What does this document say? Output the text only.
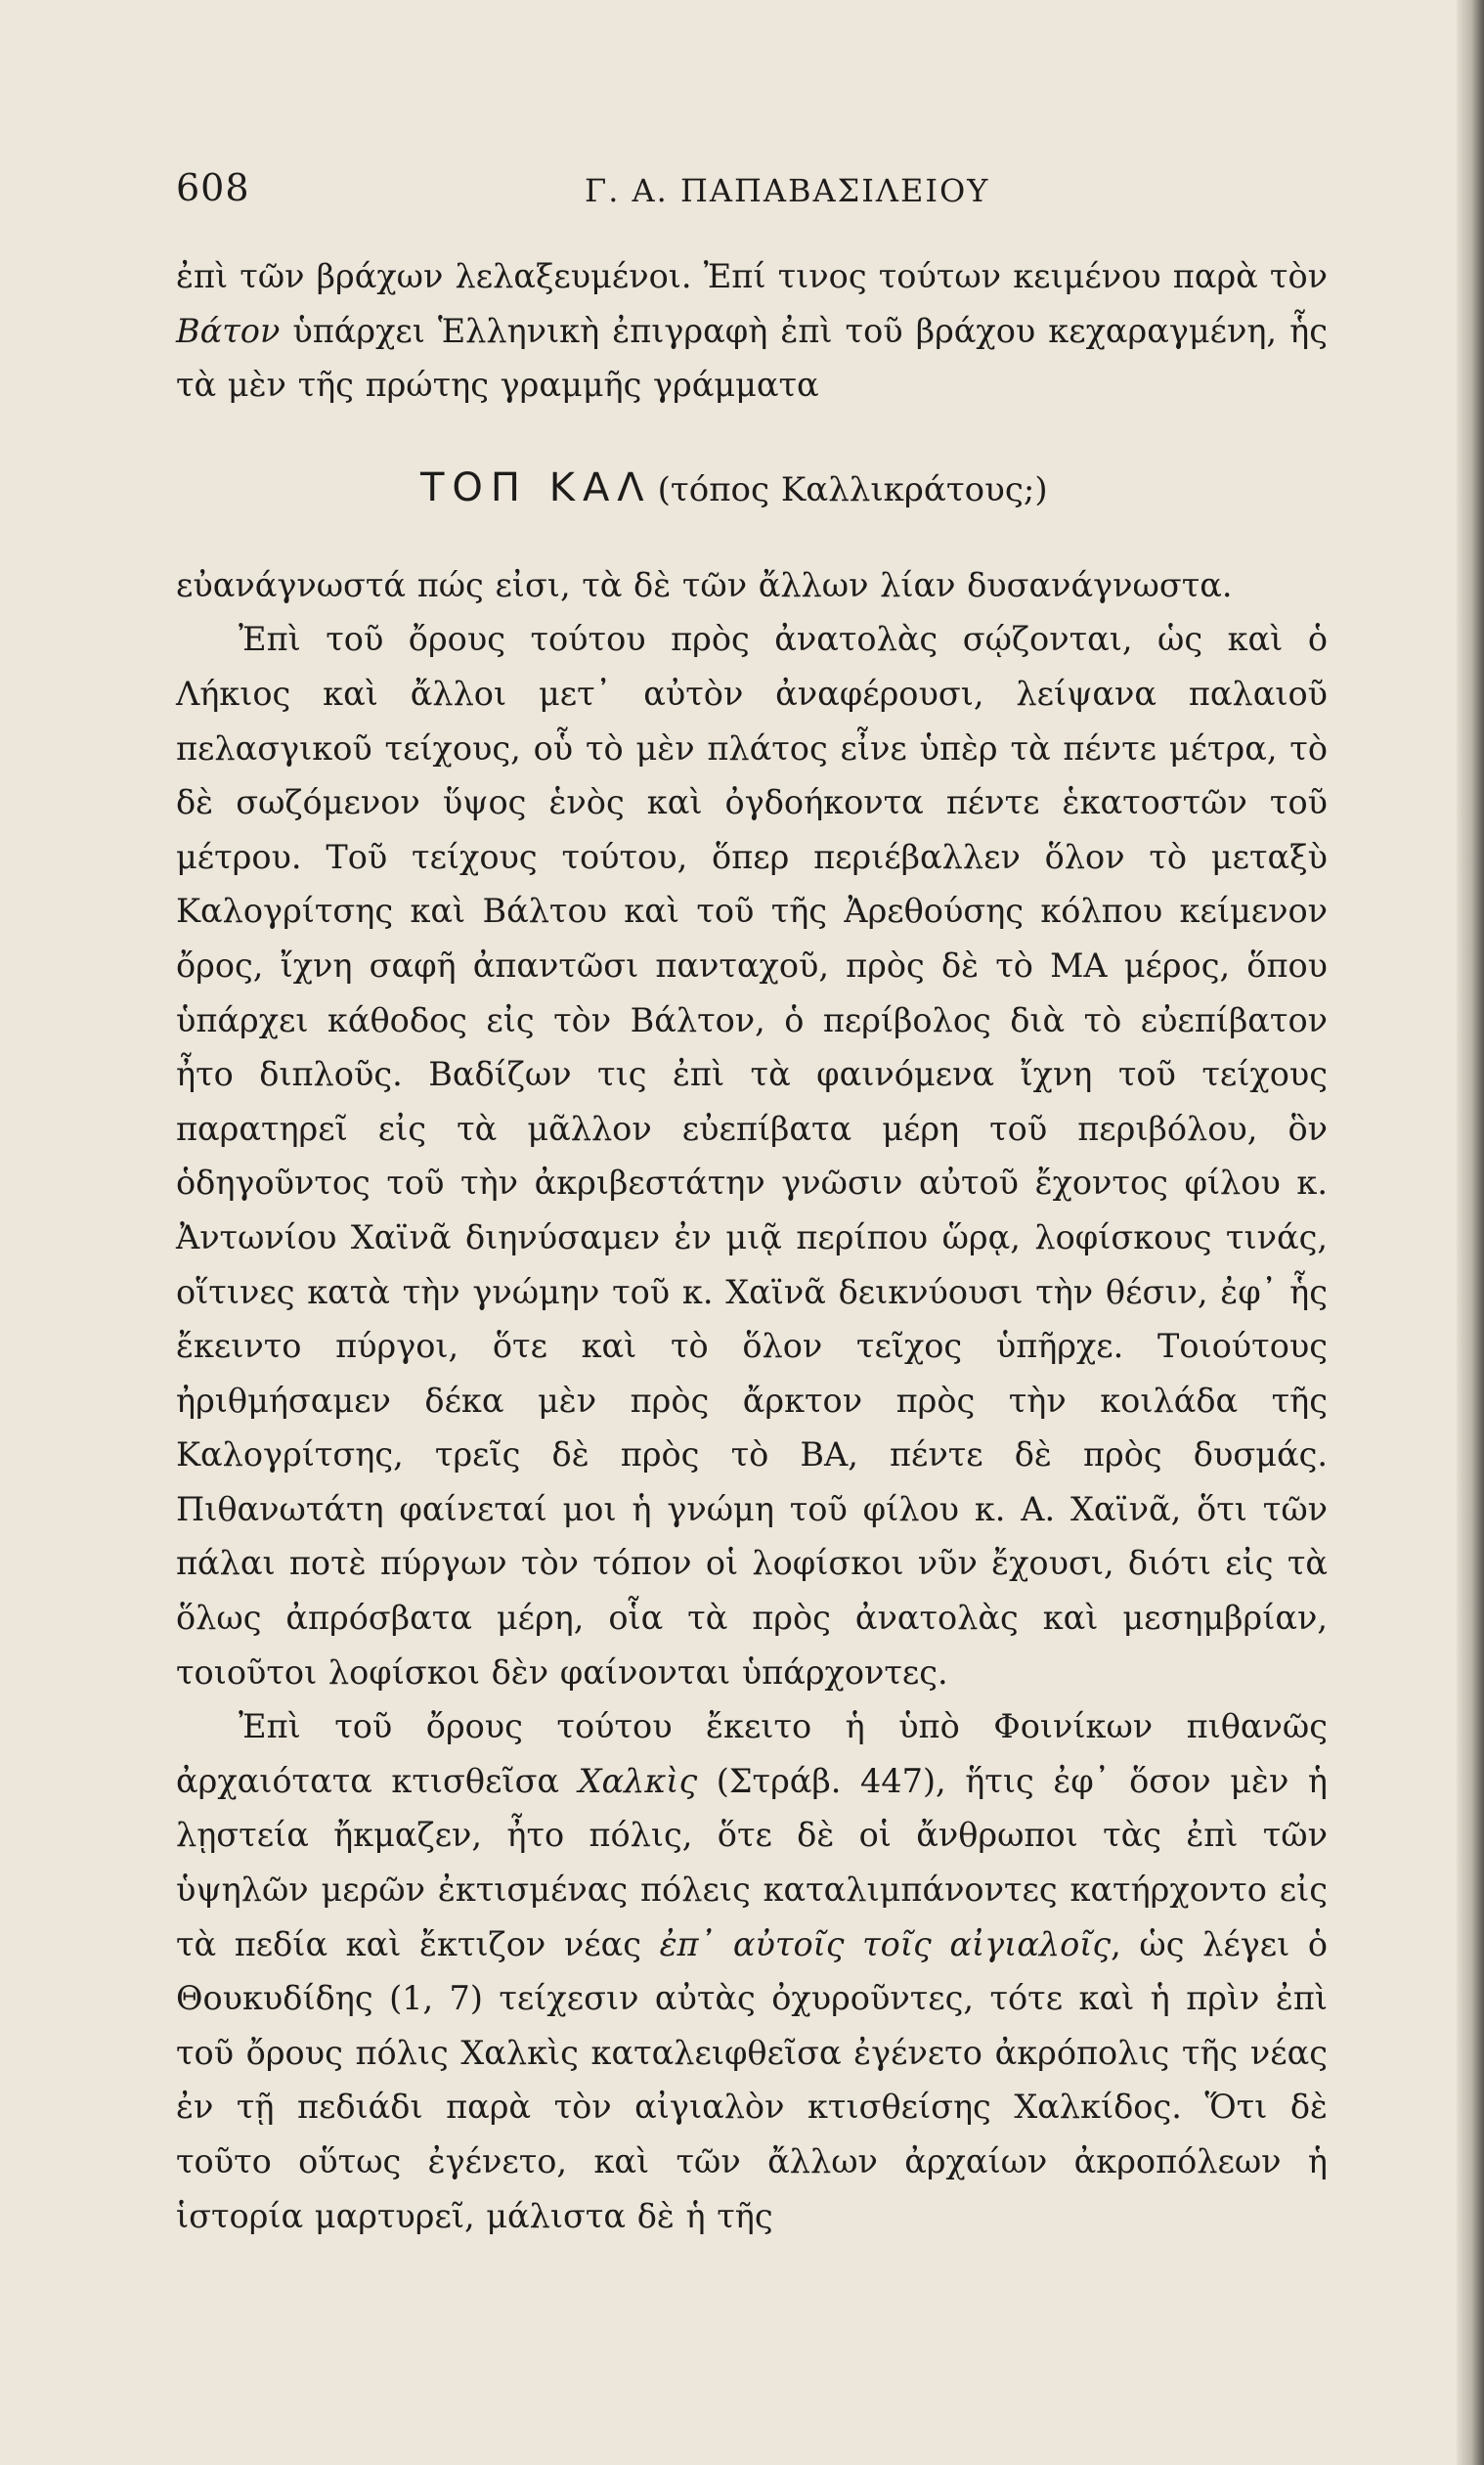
608	Γ. Α. ΠΑΠΑΒΑΣΙΛΕΙΟΥ

ἐπὶ τῶν βράχων λελαξευμένοι. Ἐπί τινος τούτων κειμένου παρὰ τὸν Βάτον ὑπάρχει Ἑλληνικὴ ἐπιγραφὴ ἐπὶ τοῦ βράχου κεχαραγμένη, ἧς τὰ μὲν τῆς πρώτης γραμμῆς γράμματα

ΤΟΠ ΚΑΛ (τόπος Καλλικράτους;)

εὐανάγνωστά πώς εἰσι, τὰ δὲ τῶν ἄλλων λίαν δυσανάγνωστα.

Ἐπὶ τοῦ ὄρους τούτου πρὸς ἀνατολὰς σῴζονται, ὡς καὶ ὁ Λήκιος καὶ ἄλλοι μετ᾽ αὐτὸν ἀναφέρουσι, λείψανα παλαιοῦ πελασγικοῦ τείχους, οὗ τὸ μὲν πλάτος εἶνε ὑπὲρ τὰ πέντε μέτρα, τὸ δὲ σωζόμενον ὕψος ἑνὸς καὶ ὀγδοήκοντα πέντε ἑκατοστῶν τοῦ μέτρου. Τοῦ τείχους τούτου, ὅπερ περιέβαλλεν ὅλον τὸ μεταξὺ Καλογρίτσης καὶ Βάλτου καὶ τοῦ τῆς Ἀρεθούσης κόλπου κείμενον ὄρος, ἴχνη σαφῆ ἀπαντῶσι πανταχοῦ, πρὸς δὲ τὸ ΜΑ μέρος, ὅπου ὑπάρχει κάθοδος εἰς τὸν Βάλτον, ὁ περίβολος διὰ τὸ εὐεπίβατον ἦτο διπλοῦς. Βαδίζων τις ἐπὶ τὰ φαινόμενα ἴχνη τοῦ τείχους παρατηρεῖ εἰς τὰ μᾶλλον εὐεπίβατα μέρη τοῦ περιβόλου, ὃν ὁδηγοῦντος τοῦ τὴν ἀκριβεστάτην γνῶσιν αὐτοῦ ἔχοντος φίλου κ. Ἀντωνίου Χαϊνᾶ διηνύσαμεν ἐν μιᾷ περίπου ὥρᾳ, λοφίσκους τινάς, οἵτινες κατὰ τὴν γνώμην τοῦ κ. Χαϊνᾶ δεικνύουσι τὴν θέσιν, ἐφ᾽ ἧς ἔκειντο πύργοι, ὅτε καὶ τὸ ὅλον τεῖχος ὑπῆρχε. Τοιούτους ἠριθμήσαμεν δέκα μὲν πρὸς ἄρκτον πρὸς τὴν κοιλάδα τῆς Καλογρίτσης, τρεῖς δὲ πρὸς τὸ ΒΑ, πέντε δὲ πρὸς δυσμάς. Πιθανωτάτη φαίνεταί μοι ἡ γνώμη τοῦ φίλου κ. Α. Χαϊνᾶ, ὅτι τῶν πάλαι ποτὲ πύργων τὸν τόπον οἱ λοφίσκοι νῦν ἔχουσι, διότι εἰς τὰ ὅλως ἀπρόσβατα μέρη, οἷα τὰ πρὸς ἀνατολὰς καὶ μεσημβρίαν, τοιοῦτοι λοφίσκοι δὲν φαίνονται ὑπάρχοντες.

Ἐπὶ τοῦ ὄρους τούτου ἔκειτο ἡ ὑπὸ Φοινίκων πιθανῶς ἀρχαιότατα κτισθεῖσα Χαλκὶς (Στράβ. 447), ἥτις ἐφ᾽ ὅσον μὲν ἡ λῃστεία ἤκμαζεν, ἦτο πόλις, ὅτε δὲ οἱ ἄνθρωποι τὰς ἐπὶ τῶν ὑψηλῶν μερῶν ἐκτισμένας πόλεις καταλιμπάνοντες κατήρχοντο εἰς τὰ πεδία καὶ ἔκτιζον νέας ἐπ᾽ αὐτοῖς τοῖς αἰγιαλοῖς, ὡς λέγει ὁ Θουκυδίδης (1, 7) τείχεσιν αὐτὰς ὀχυροῦντες, τότε καὶ ἡ πρὶν ἐπὶ τοῦ ὄρους πόλις Χαλκὶς καταλειφθεῖσα ἐγένετο ἀκρόπολις τῆς νέας ἐν τῇ πεδιάδι παρὰ τὸν αἰγιαλὸν κτισθείσης Χαλκίδος. Ὅτι δὲ τοῦτο οὕτως ἐγένετο, καὶ τῶν ἄλλων ἀρχαίων ἀκροπόλεων ἡ ἱστορία μαρτυρεῖ, μάλιστα δὲ ἡ τῆς
